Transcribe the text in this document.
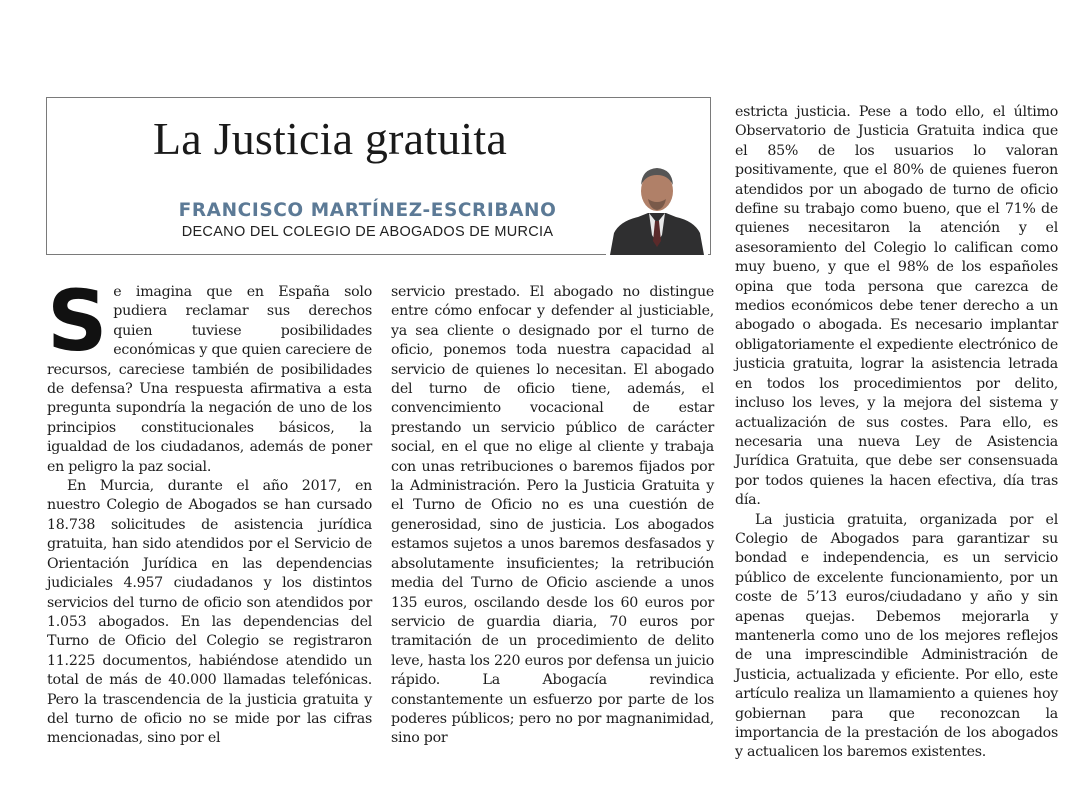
La Justicia gratuita
FRANCISCO MARTÍNEZ-ESCRIBANO
DECANO DEL COLEGIO DE ABOGADOS DE MURCIA
S e imagina que en España solo pudiera reclamar sus derechos quien tuviese posibilidades económicas y que quien careciere de recursos, careciese también de posibilidades de defensa? Una respuesta afirmativa a esta pregunta supondría la negación de uno de los principios constitucionales básicos, la igualdad de los ciudadanos, además de poner en peligro la paz social.

En Murcia, durante el año 2017, en nuestro Colegio de Abogados se han cursado 18.738 solicitudes de asistencia jurídica gratuita, han sido atendidos por el Servicio de Orientación Jurídica en las dependencias judiciales 4.957 ciudadanos y los distintos servicios del turno de oficio son atendidos por 1.053 abogados. En las dependencias del Turno de Oficio del Colegio se registraron 11.225 documentos, habiéndose atendido un total de más de 40.000 llamadas telefónicas. Pero la trascendencia de la justicia gratuita y del turno de oficio no se mide por las cifras mencionadas, sino por el

servicio prestado. El abogado no distingue entre cómo enfocar y defender al justiciable, ya sea cliente o designado por el turno de oficio, ponemos toda nuestra capacidad al servicio de quienes lo necesitan. El abogado del turno de oficio tiene, además, el convencimiento vocacional de estar prestando un servicio público de carácter social, en el que no elige al cliente y trabaja con unas retribuciones o baremos fijados por la Administración. Pero la Justicia Gratuita y el Turno de Oficio no es una cuestión de generosidad, sino de justicia. Los abogados estamos sujetos a unos baremos desfasados y absolutamente insuficientes; la retribución media del Turno de Oficio asciende a unos 135 euros, oscilando desde los 60 euros por servicio de guardia diaria, 70 euros por tramitación de un procedimiento de delito leve, hasta los 220 euros por defensa un juicio rápido. La Abogacía revindica constantemente un esfuerzo por parte de los poderes públicos; pero no por magnanimidad, sino por

estricta justicia. Pese a todo ello, el último Observatorio de Justicia Gratuita indica que el 85% de los usuarios lo valoran positivamente, que el 80% de quienes fueron atendidos por un abogado de turno de oficio define su trabajo como bueno, que el 71% de quienes necesitaron la atención y el asesoramiento del Colegio lo califican como muy bueno, y que el 98% de los españoles opina que toda persona que carezca de medios económicos debe tener derecho a un abogado o abogada. Es necesario implantar obligatoriamente el expediente electrónico de justicia gratuita, lograr la asistencia letrada en todos los procedimientos por delito, incluso los leves, y la mejora del sistema y actualización de sus costes. Para ello, es necesaria una nueva Ley de Asistencia Jurídica Gratuita, que debe ser consensuada por todos quienes la hacen efectiva, día tras día.

La justicia gratuita, organizada por el Colegio de Abogados para garantizar su bondad e independencia, es un servicio público de excelente funcionamiento, por un coste de 5’13 euros/ciudadano y año y sin apenas quejas. Debemos mejorarla y mantenerla como uno de los mejores reflejos de una imprescindible Administración de Justicia, actualizada y eficiente. Por ello, este artículo realiza un llamamiento a quienes hoy gobiernan para que reconozcan la importancia de la prestación de los abogados y actualicen los baremos existentes.
